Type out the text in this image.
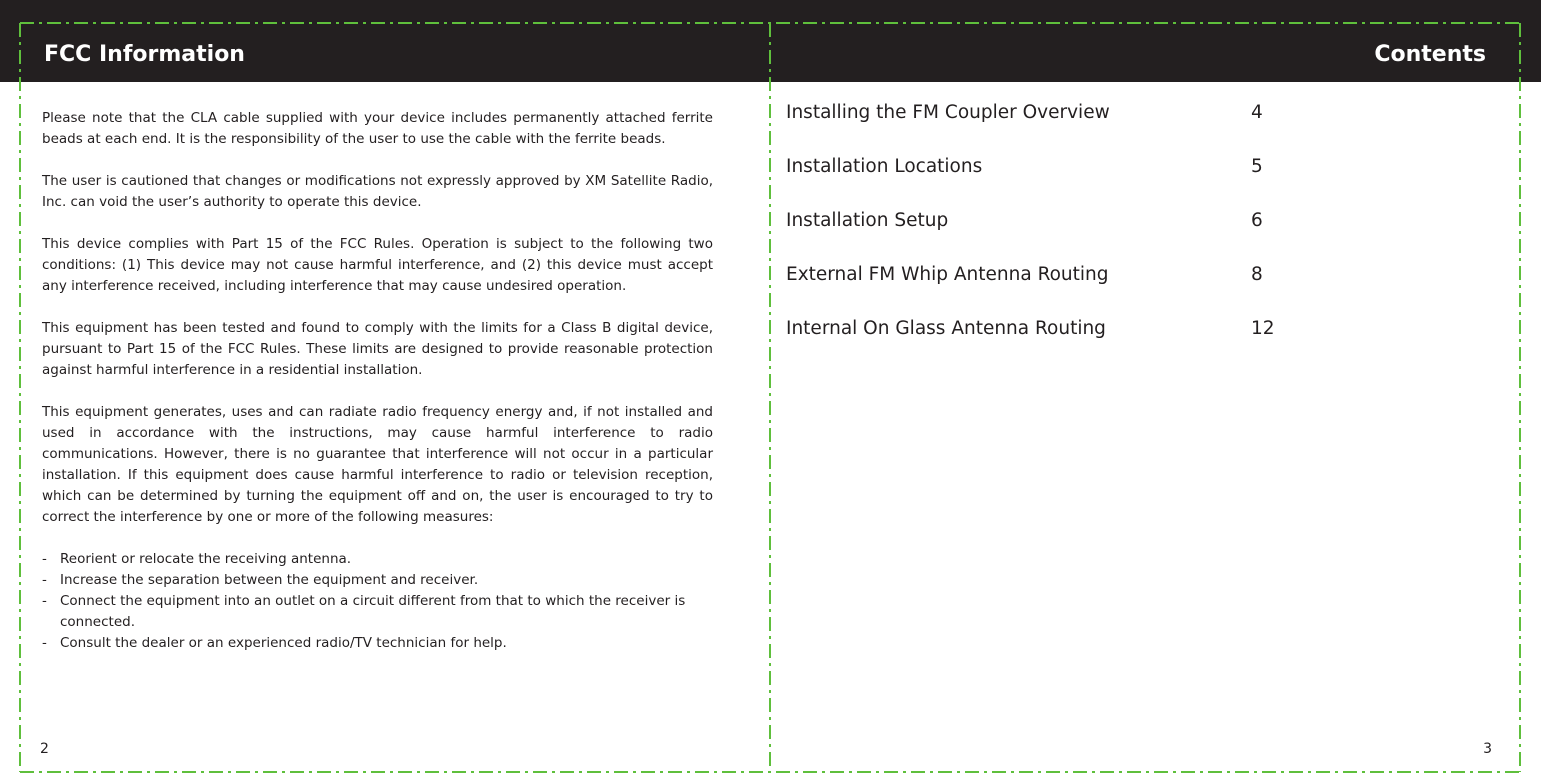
FCC Information	Contents

Please note that the CLA cable supplied with your device includes permanently attached ferrite beads at each end. It is the responsibility of the user to use the cable with the ferrite beads.

The user is cautioned that changes or modifications not expressly approved by XM Satellite Radio, Inc. can void the user’s authority to operate this device.

This device complies with Part 15 of the FCC Rules. Operation is subject to the following two conditions: (1) This device may not cause harmful interference, and (2) this device must accept any interference received, including interference that may cause undesired operation.

This equipment has been tested and found to comply with the limits for a Class B digital device, pursuant to Part 15 of the FCC Rules. These limits are designed to provide reasonable protection against harmful interference in a residential installation.

This equipment generates, uses and can radiate radio frequency energy and, if not installed and used in accordance with the instructions, may cause harmful interference to radio communications. However, there is no guarantee that interference will not occur in a particular installation. If this equipment does cause harmful interference to radio or television reception, which can be determined by turning the equipment off and on, the user is encouraged to try to correct the interference by one or more of the following measures:

- Reorient or relocate the receiving antenna.
- Increase the separation between the equipment and receiver.
- Connect the equipment into an outlet on a circuit different from that to which the receiver is connected.
- Consult the dealer or an experienced radio/TV technician for help.
Installing the FM Coupler Overview	4
Installation Locations	5
Installation Setup	6
External FM Whip Antenna Routing	8
Internal On Glass Antenna Routing	12
2	3
